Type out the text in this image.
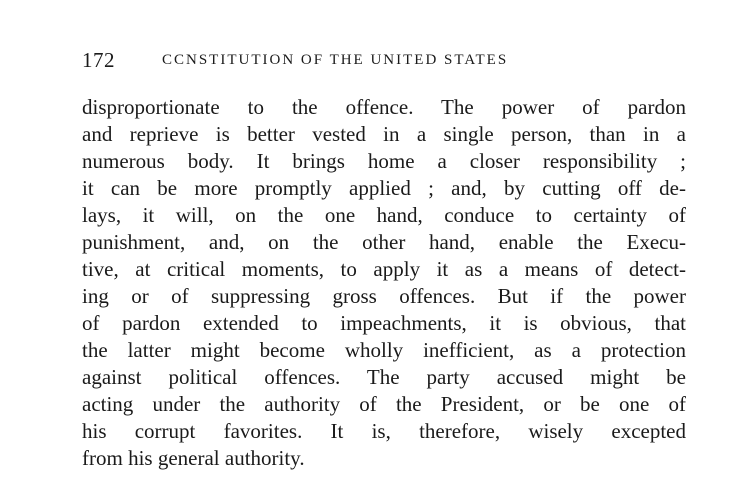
172	CCNSTITUTION OF THE UNITED STATES
disproportionate to the offence. The power of pardon
and reprieve is better vested in a single person, than in a
numerous body. It brings home a closer responsibility ;
it can be more promptly applied ; and, by cutting off de-
lays, it will, on the one hand, conduce to certainty of
punishment, and, on the other hand, enable the Execu-
tive, at critical moments, to apply it as a means of detect-
ing or of suppressing gross offences. But if the power
of pardon extended to impeachments, it is obvious, that
the latter might become wholly inefficient, as a protection
against political offences. The party accused might be
acting under the authority of the President, or be one of
his corrupt favorites. It is, therefore, wisely excepted
from his general authority.
